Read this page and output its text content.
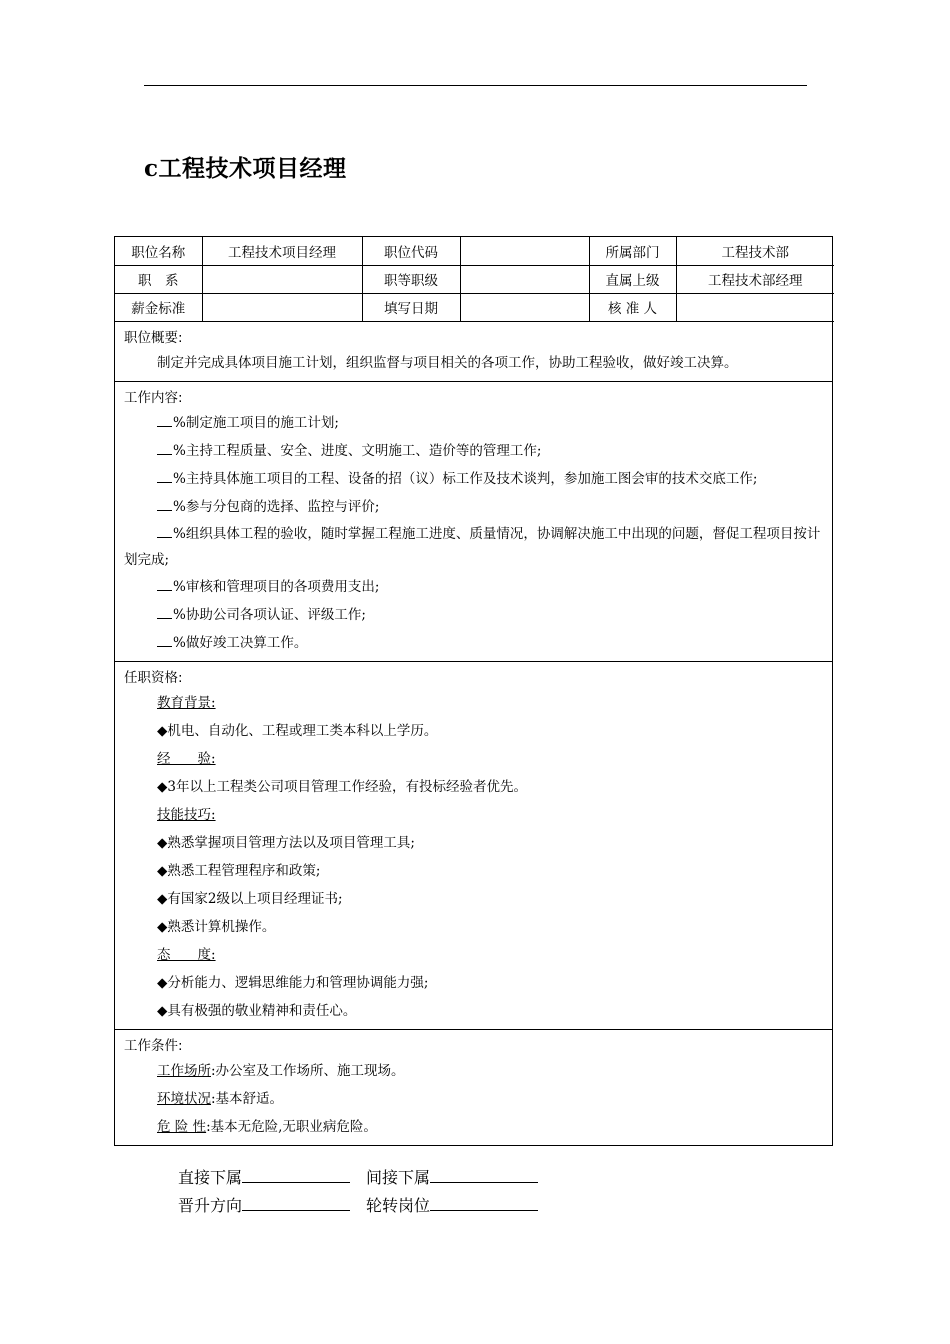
c工程技术项目经理
职位名称	工程技术项目经理	职位代码		所属部门	工程技术部
职　系		职等职级		直属上级	工程技术部经理
薪金标准		填写日期		核 准 人	
职位概要:
制定并完成具体项目施工计划，组织监督与项目相关的各项工作，协助工程验收，做好竣工决算。
工作内容:
%制定施工项目的施工计划;
%主持工程质量、安全、进度、文明施工、造价等的管理工作;
%主持具体施工项目的工程、设备的招（议）标工作及技术谈判，参加施工图会审的技术交底工作;
%参与分包商的选择、监控与评价;
%组织具体工程的验收，随时掌握工程施工进度、质量情况，协调解决施工中出现的问题，督促工程项目按计划完成;
%审核和管理项目的各项费用支出;
%协助公司各项认证、评级工作;
%做好竣工决算工作。
任职资格:
教育背景:
◆机电、自动化、工程或理工类本科以上学历。
经　　验:
◆3年以上工程类公司项目管理工作经验，有投标经验者优先。
技能技巧:
◆熟悉掌握项目管理方法以及项目管理工具;
◆熟悉工程管理程序和政策;
◆有国家2级以上项目经理证书;
◆熟悉计算机操作。
态　　度:
◆分析能力、逻辑思维能力和管理协调能力强;
◆具有极强的敬业精神和责任心。
工作条件:
工作场所:办公室及工作场所、施工现场。
环境状况:基本舒适。
危 险 性:基本无危险,无职业病危险。
直接下属	间接下属
晋升方向	轮转岗位
